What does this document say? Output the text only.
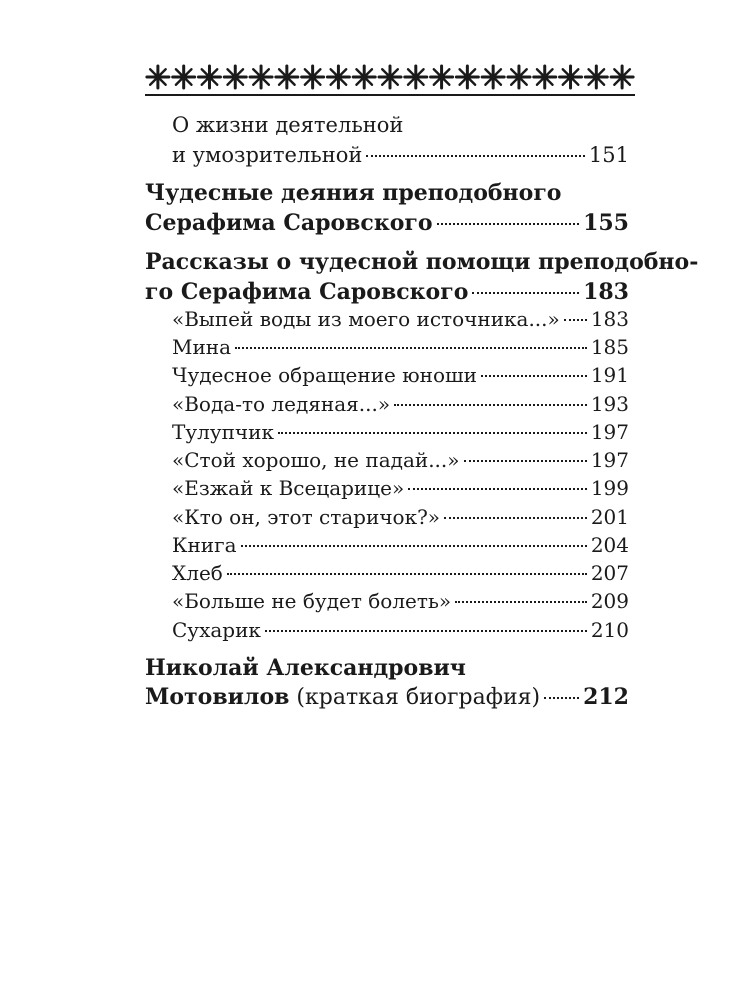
О жизни деятельной
и умозрительной	151
Чудесные деяния преподобного
Серафима Саровского	155
Рассказы о чудесной помощи преподобно-
го Серафима Саровского	183
«Выпей воды из моего источника...» 183
Мина	185
Чудесное обращение юноши	191
«Вода-то ледяная...»	193
Тулупчик	197
«Стой хорошо, не падай...»	197
«Езжай к Всецарице»	199
«Кто он, этот старичок?»	201
Книга	204
Хлеб	207
«Больше не будет болеть»	209
Сухарик	210
Николай Александрович
Мотовилов (краткая биография) 212
